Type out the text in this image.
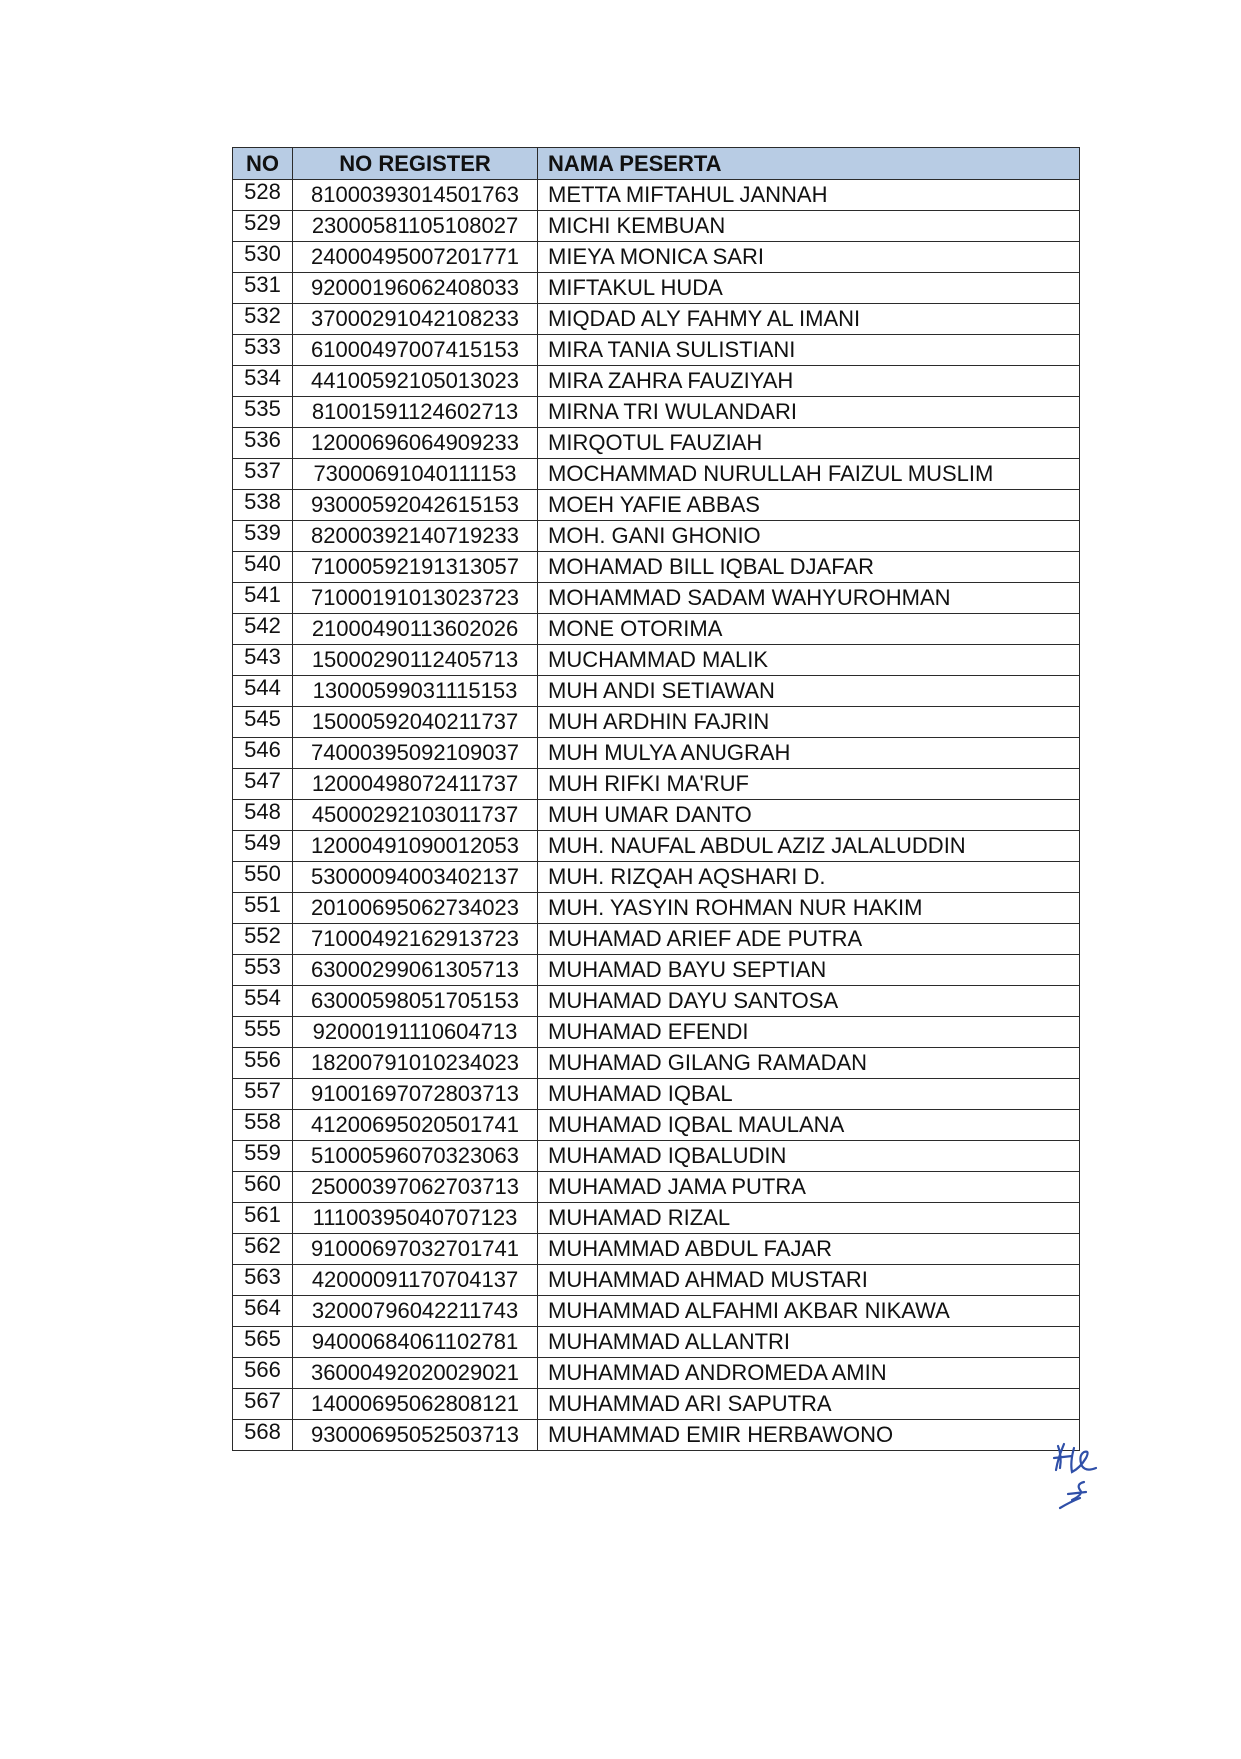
NO	NO REGISTER	NAMA PESERTA
528	81000393014501763	METTA MIFTAHUL JANNAH
529	23000581105108027	MICHI KEMBUAN
530	24000495007201771	MIEYA MONICA SARI
531	92000196062408033	MIFTAKUL HUDA
532	37000291042108233	MIQDAD ALY FAHMY AL IMANI
533	61000497007415153	MIRA TANIA SULISTIANI
534	44100592105013023	MIRA ZAHRA FAUZIYAH
535	81001591124602713	MIRNA TRI WULANDARI
536	12000696064909233	MIRQOTUL FAUZIAH
537	73000691040111153	MOCHAMMAD NURULLAH FAIZUL MUSLIM
538	93000592042615153	MOEH YAFIE ABBAS
539	82000392140719233	MOH. GANI GHONIO
540	71000592191313057	MOHAMAD BILL IQBAL DJAFAR
541	71000191013023723	MOHAMMAD SADAM WAHYUROHMAN
542	21000490113602026	MONE OTORIMA
543	15000290112405713	MUCHAMMAD MALIK
544	13000599031115153	MUH ANDI SETIAWAN
545	15000592040211737	MUH ARDHIN FAJRIN
546	74000395092109037	MUH MULYA ANUGRAH
547	12000498072411737	MUH RIFKI MA'RUF
548	45000292103011737	MUH UMAR DANTO
549	12000491090012053	MUH. NAUFAL ABDUL AZIZ JALALUDDIN
550	53000094003402137	MUH. RIZQAH AQSHARI D.
551	20100695062734023	MUH. YASYIN ROHMAN NUR HAKIM
552	71000492162913723	MUHAMAD ARIEF ADE PUTRA
553	63000299061305713	MUHAMAD BAYU SEPTIAN
554	63000598051705153	MUHAMAD DAYU SANTOSA
555	92000191110604713	MUHAMAD EFENDI
556	18200791010234023	MUHAMAD GILANG RAMADAN
557	91001697072803713	MUHAMAD IQBAL
558	41200695020501741	MUHAMAD IQBAL MAULANA
559	51000596070323063	MUHAMAD IQBALUDIN
560	25000397062703713	MUHAMAD JAMA PUTRA
561	11100395040707123	MUHAMAD RIZAL
562	91000697032701741	MUHAMMAD ABDUL FAJAR
563	42000091170704137	MUHAMMAD AHMAD MUSTARI
564	32000796042211743	MUHAMMAD ALFAHMI AKBAR NIKAWA
565	94000684061102781	MUHAMMAD ALLANTRI
566	36000492020029021	MUHAMMAD ANDROMEDA AMIN
567	14000695062808121	MUHAMMAD ARI SAPUTRA
568	93000695052503713	MUHAMMAD EMIR HERBAWONO
